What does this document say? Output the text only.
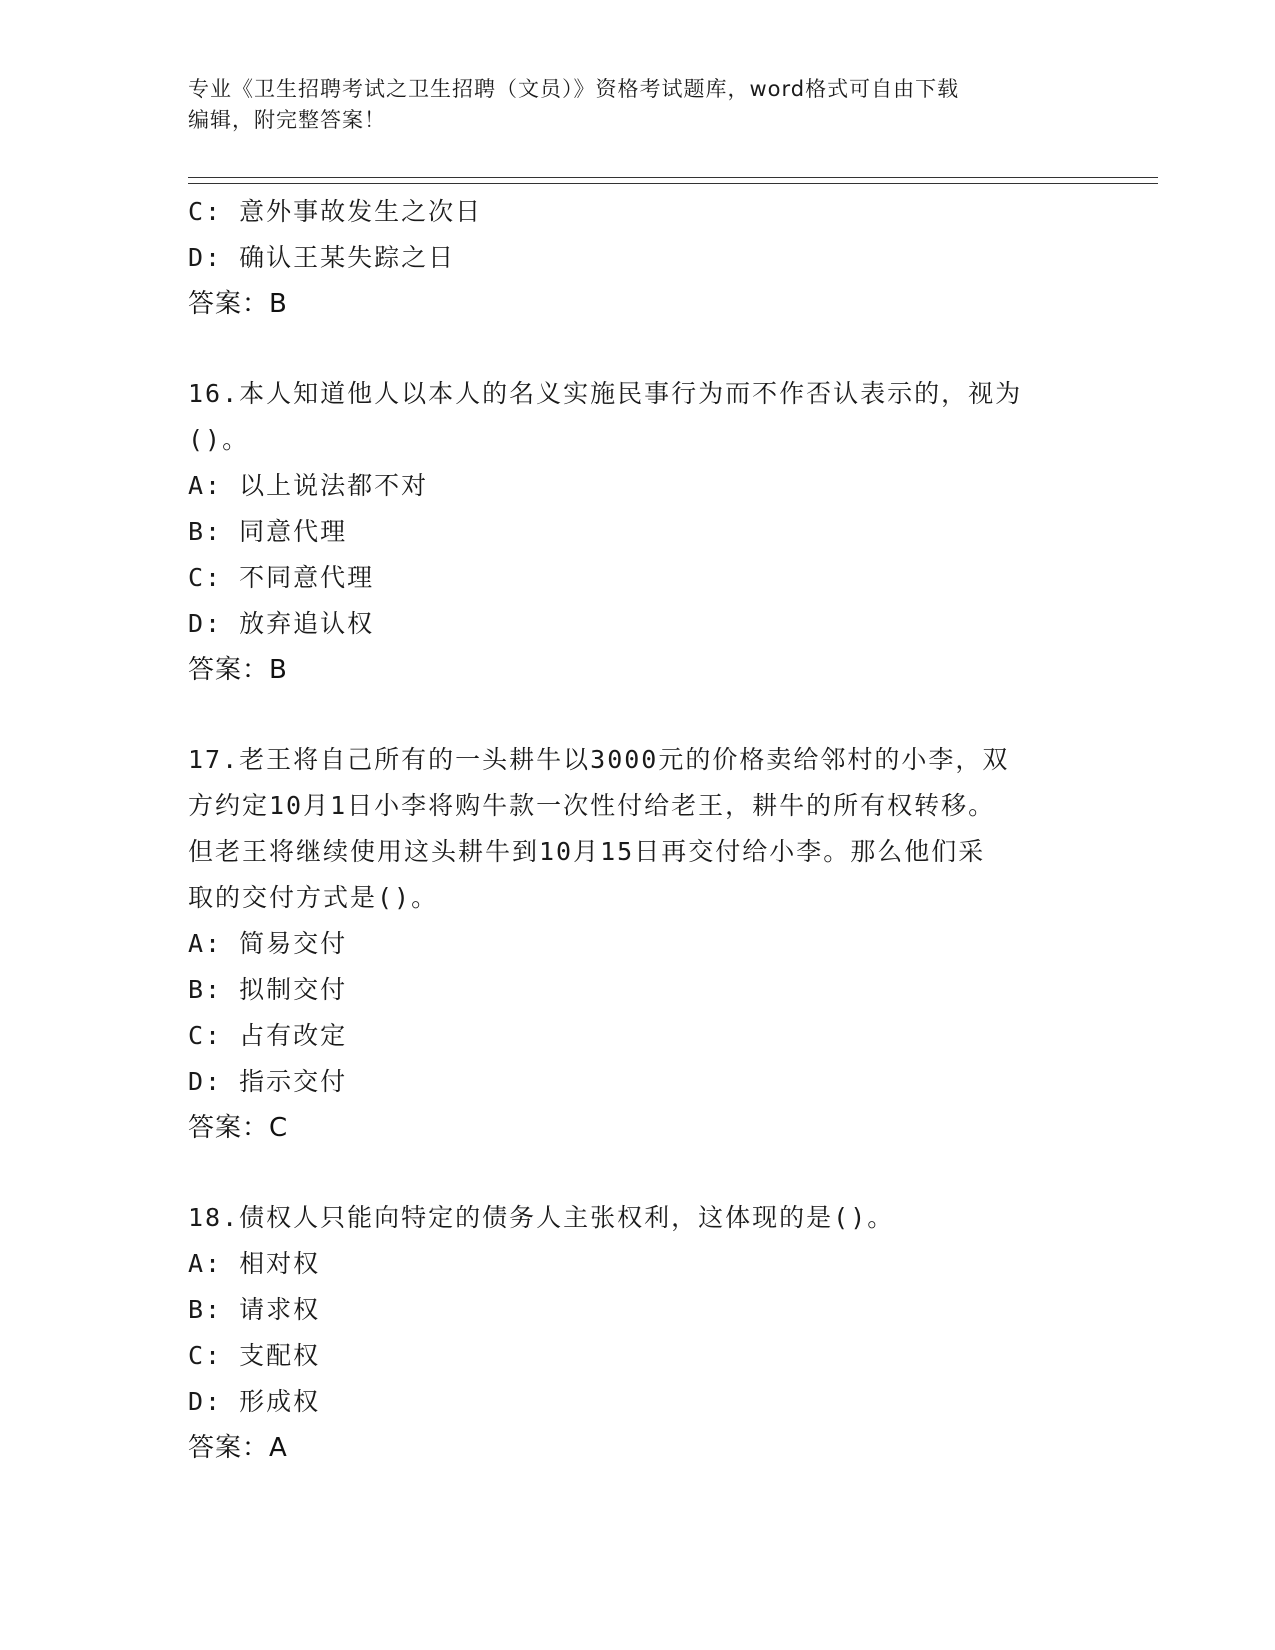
专业《卫生招聘考试之卫生招聘（文员）》资格考试题库，word格式可自由下载
编辑，附完整答案！
C: 意外事故发生之次日
D: 确认王某失踪之日
答案：B
16.本人知道他人以本人的名义实施民事行为而不作否认表示的，视为
()。
A: 以上说法都不对
B: 同意代理
C: 不同意代理
D: 放弃追认权
答案：B
17.老王将自己所有的一头耕牛以3000元的价格卖给邻村的小李，双
方约定10月1日小李将购牛款一次性付给老王，耕牛的所有权转移。
但老王将继续使用这头耕牛到10月15日再交付给小李。那么他们采
取的交付方式是()。
A: 简易交付
B: 拟制交付
C: 占有改定
D: 指示交付
答案：C
18.债权人只能向特定的债务人主张权利，这体现的是()。
A: 相对权
B: 请求权
C: 支配权
D: 形成权
答案：A
